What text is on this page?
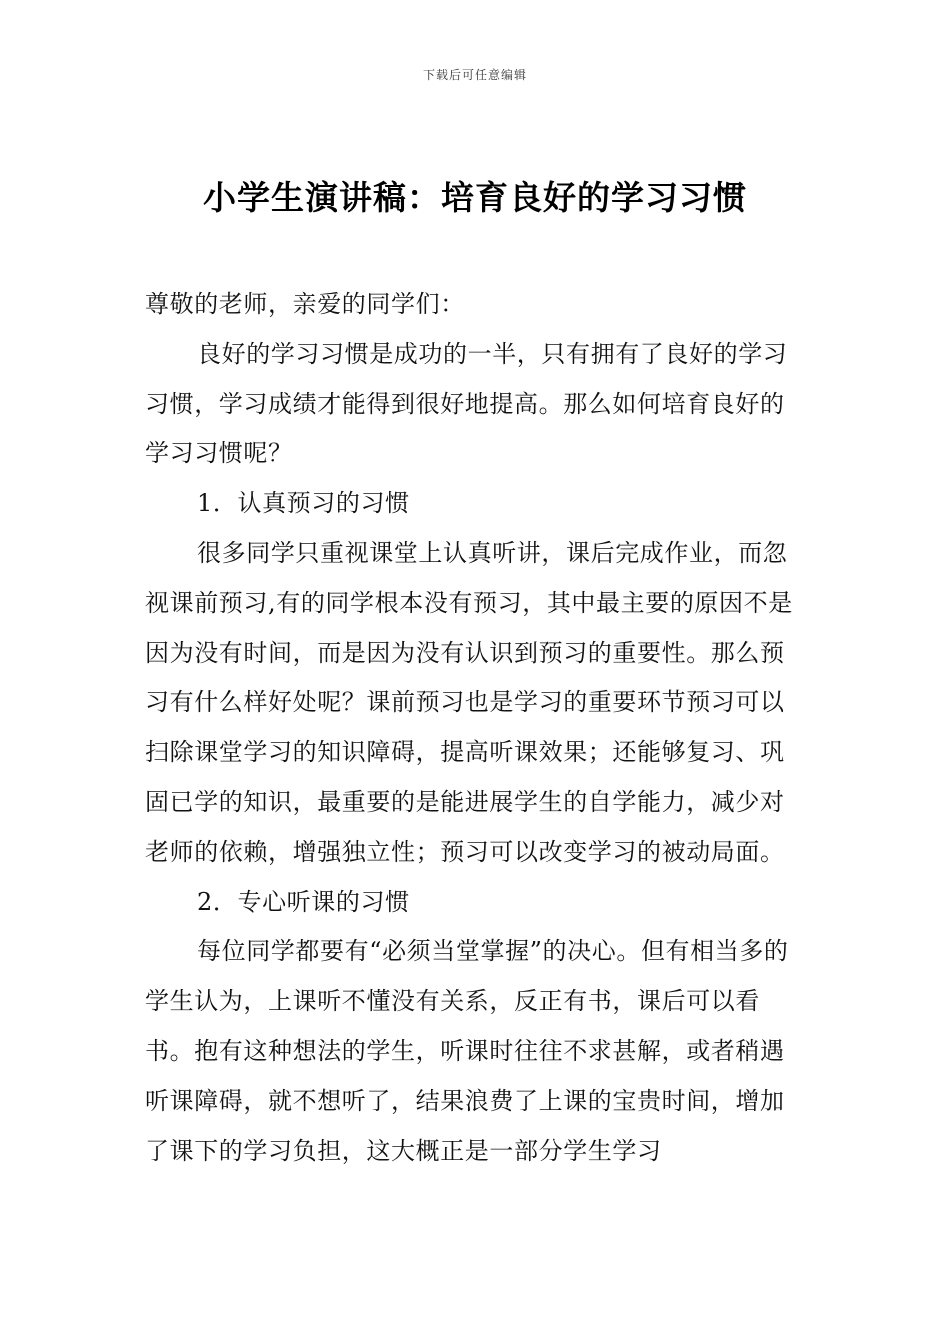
下载后可任意编辑
小学生演讲稿：培育良好的学习习惯

尊敬的老师，亲爱的同学们：

良好的学习习惯是成功的一半，只有拥有了良好的学习习惯，学习成绩才能得到很好地提高。那么如何培育良好的学习习惯呢？

1．认真预习的习惯

很多同学只重视课堂上认真听讲，课后完成作业，而忽视课前预习,有的同学根本没有预习，其中最主要的原因不是因为没有时间，而是因为没有认识到预习的重要性。那么预习有什么样好处呢？课前预习也是学习的重要环节预习可以扫除课堂学习的知识障碍，提高听课效果；还能够复习、巩固已学的知识，最重要的是能进展学生的自学能力，减少对老师的依赖，增强独立性；预习可以改变学习的被动局面。

2．专心听课的习惯

每位同学都要有“必须当堂掌握”的决心。但有相当多的学生认为，上课听不懂没有关系，反正有书，课后可以看书。抱有这种想法的学生，听课时往往不求甚解，或者稍遇听课障碍，就不想听了，结果浪费了上课的宝贵时间，增加了课下的学习负担，这大概正是一部分学生学习
